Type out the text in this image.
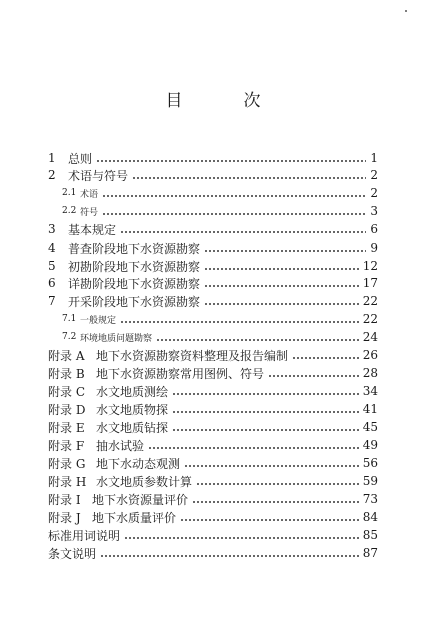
目　次
1	总则	1
2	术语与符号	2
2.1 术语	2
2.2 符号	3
3	基本规定	6
4	普查阶段地下水资源勘察	9
5	初勘阶段地下水资源勘察	12
6	详勘阶段地下水资源勘察	17
7	开采阶段地下水资源勘察	22
7.1 一般规定	22
7.2 环境地质问题勘察	24
附录 A 地下水资源勘察资料整理及报告编制	26
附录 B 地下水资源勘察常用图例、符号	28
附录 C 水文地质测绘	34
附录 D 水文地质物探	41
附录 E 水文地质钻探	45
附录 F 抽水试验	49
附录 G 地下水动态观测	56
附录 H 水文地质参数计算	59
附录 I 地下水资源量评价	73
附录 J 地下水质量评价	84
标准用词说明	85
条文说明	87
